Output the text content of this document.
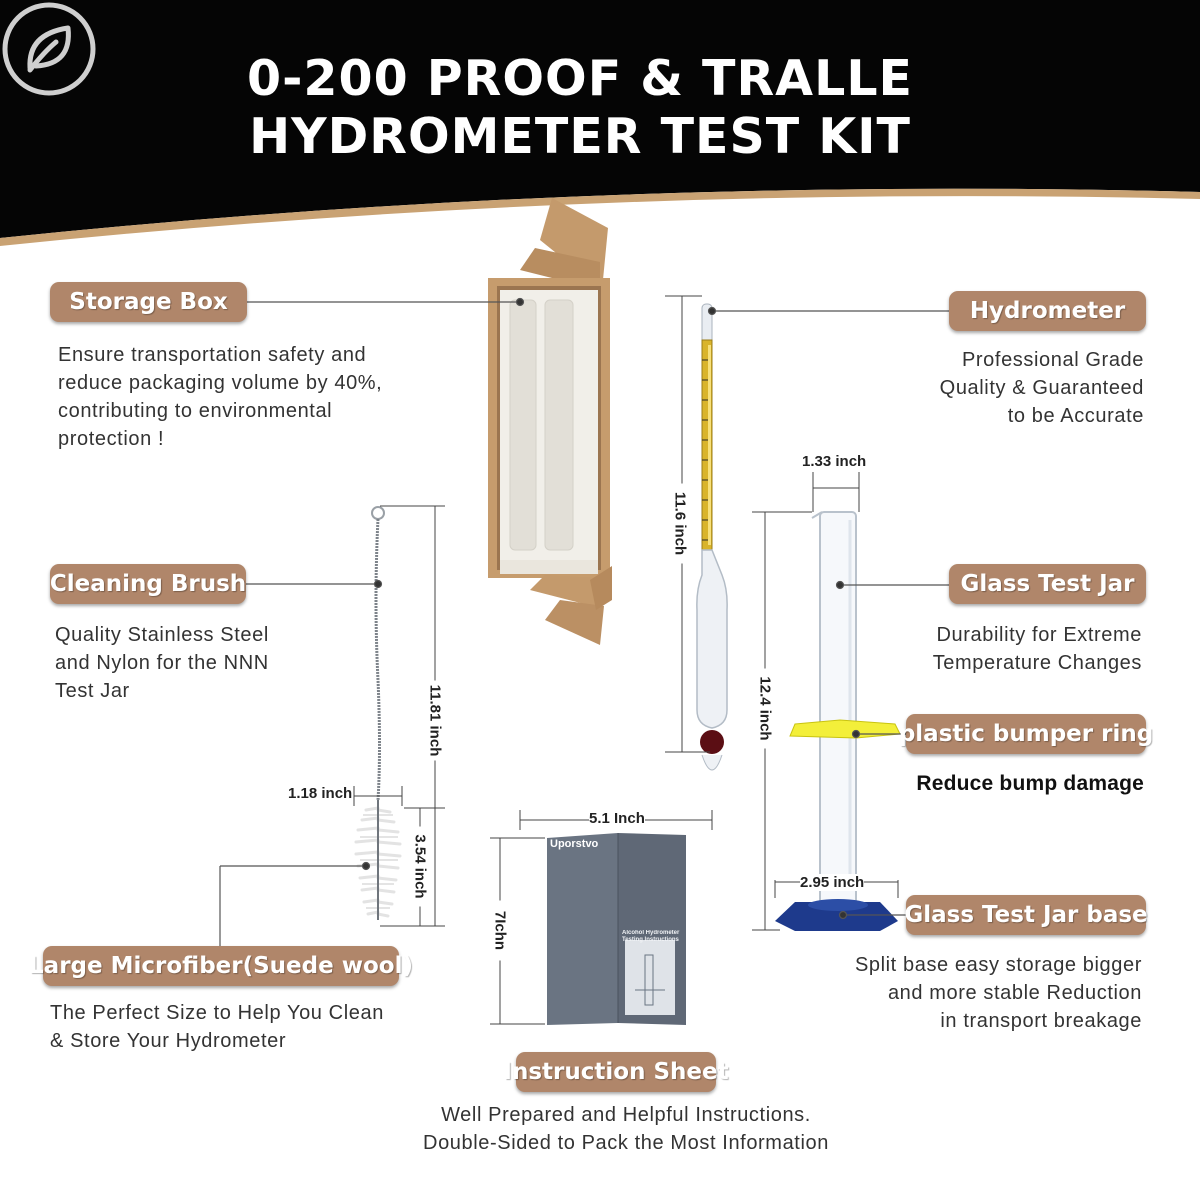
0-200 PROOF & TRALLE
HYDROMETER TEST KIT
Uporstvo
Alcohol Hydrometer
Testing Instructions
Storage Box	Hydrometer
Cleaning Brush	Glass Test Jar
plastic bumper ring
Glass Test Jar base
Large Microfiber(Suede wool)
Instruction Sheet
Ensure transportation safety and
reduce packaging volume by 40%,
contributing to environmental
protection !
Professional Grade
Quality & Guaranteed
to be Accurate
Quality Stainless Steel
and Nylon for the NNN
Test Jar
Durability for Extreme
Temperature Changes
Reduce bump damage
Split base easy storage bigger
and more stable Reduction
in transport breakage
The Perfect Size to Help You Clean
& Store Your Hydrometer
Well Prepared and Helpful Instructions.
Double-Sided to Pack the Most Information
1.33 inch
11.6 inch
12.4 inch
11.81 inch
3.54 inch
1.18 inch
2.95 inch
5.1 Inch
7Ichn
